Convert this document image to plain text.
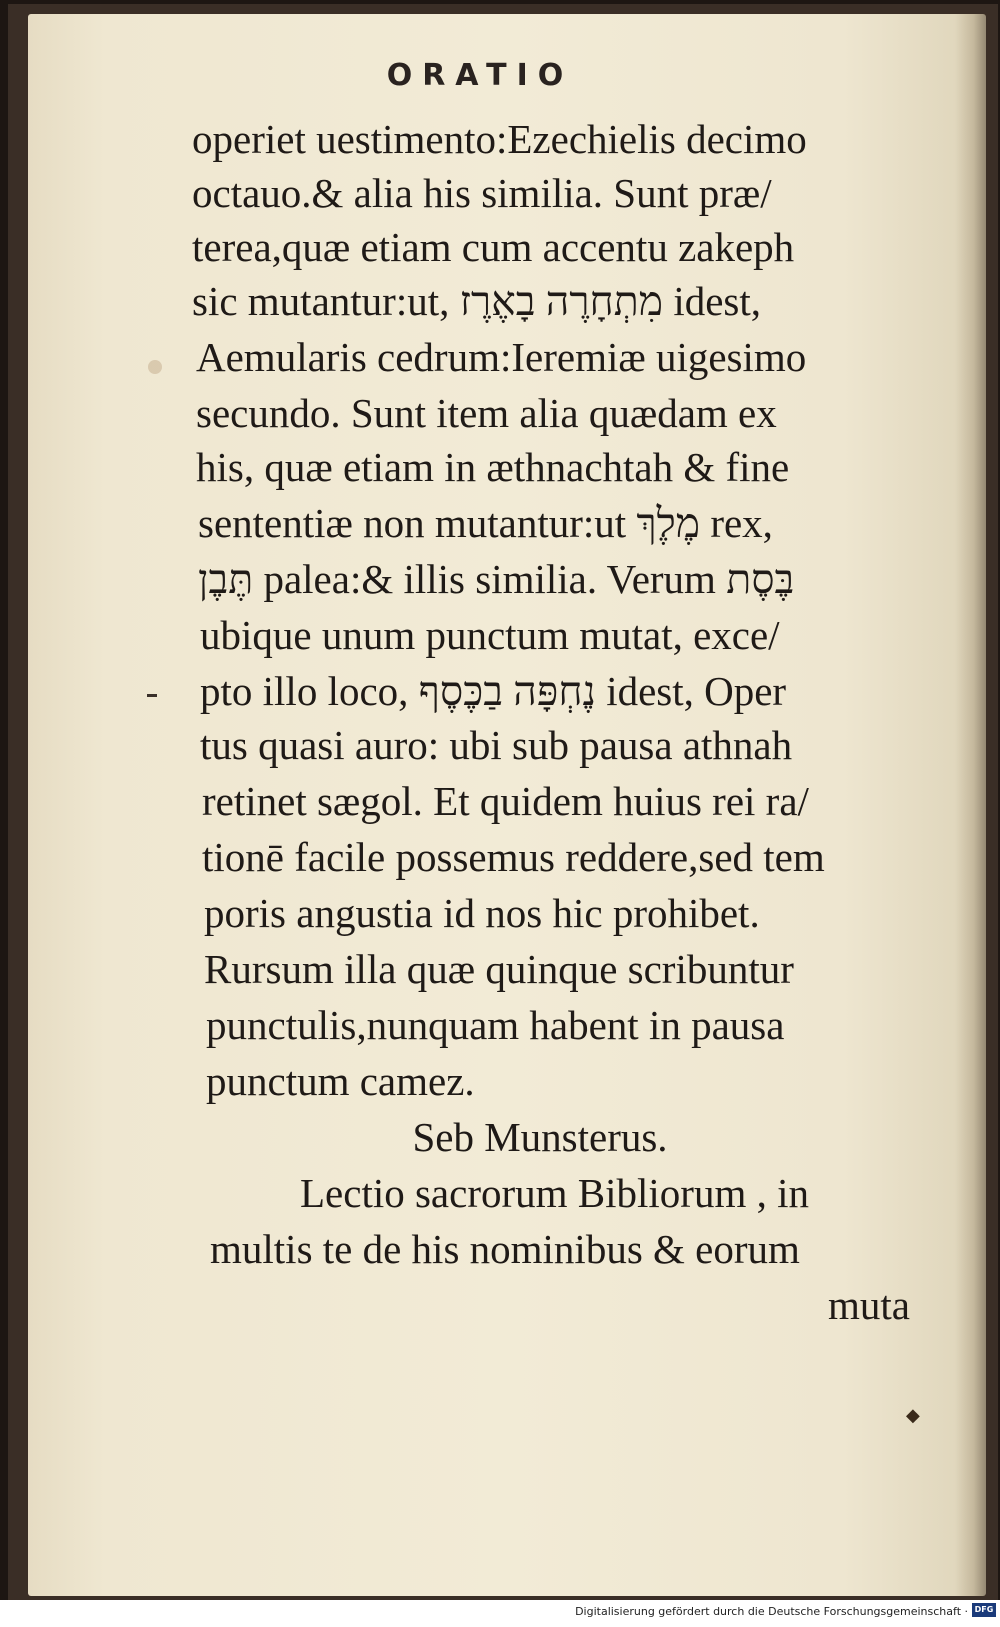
ORATIO
operiet uestimento:Ezechielis decimo
octauo.& alia his similia. Sunt præ/
terea,quæ etiam cum accentu zakeph
sic mutantur:ut, מִתְחָרֶה בָאֶרֶז idest,
Aemularis cedrum:Ieremiæ uigesimo
secundo. Sunt item alia quædam ex
his, quæ etiam in æthnachtah & fine
sententiæ non mutantur:ut מֶלֶךְ rex,
תֶּבֶן palea:& illis similia. Verum בֶּסֶת
ubique unum punctum mutat, exce/
pto illo loco, נֶחְפָּה בַכֶּסֶף idest, Oper
tus quasi auro: ubi sub pausa athnah
retinet sægol. Et quidem huius rei ra/
tionē facile possemus reddere,sed tem
poris angustia id nos hic prohibet.
Rursum illa quæ quinque scribuntur
punctulis,nunquam habent in pausa
punctum camez.
Seb Munsterus.
Lectio sacrorum Bibliorum , in
multis te de his nominibus & eorum
muta
◆
Digitalisierung gefördert durch die Deutsche Forschungsgemeinschaft · DFG
